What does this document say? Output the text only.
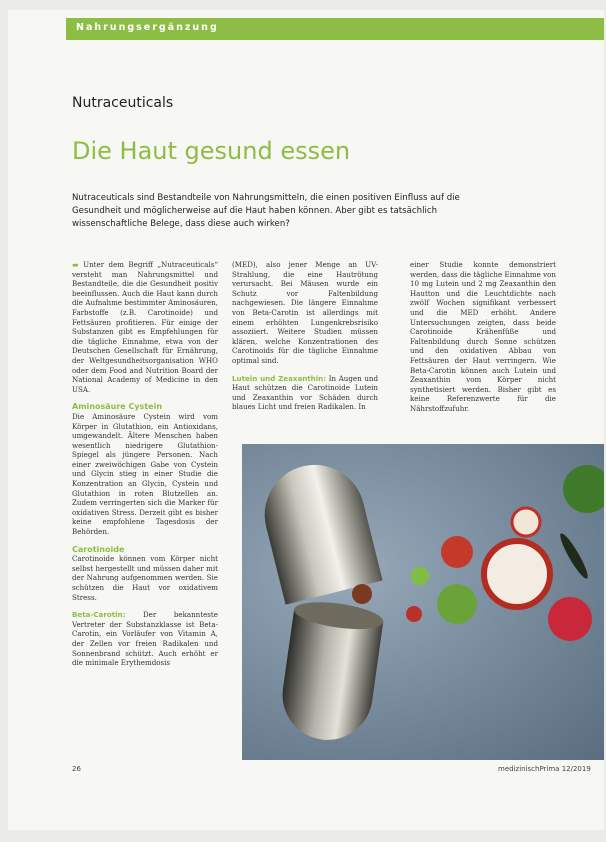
Nahrungsergänzung
Nutraceuticals
Die Haut gesund essen
Nutraceuticals sind Bestandteile von Nahrungsmitteln, die einen positiven Einfluss auf die Gesundheit und möglicherweise auf die Haut haben können. Aber gibt es tatsächlich wissenschaftliche Belege, dass diese auch wirken?

▬ Unter dem Begriff „Nutraceuticals“ versteht man Nahrungsmittel und Bestandteile, die die Gesundheit positiv beeinflussen. Auch die Haut kann durch die Aufnahme bestimmter Aminosäuren, Farbstoffe (z.B. Carotinoide) und Fettsäuren profitieren. Für einige der Substanzen gibt es Empfehlungen für die tägliche Einnahme, etwa von der Deutschen Gesellschaft für Ernährung, der Weltgesundheitsorganisation WHO oder dem Food and Nutrition Board der National Academy of Medicine in den USA.

Aminosäure Cystein

Die Aminosäure Cystein wird vom Körper in Glutathion, ein Antioxidans, umgewandelt. Ältere Menschen haben wesentlich niedrigere Glutathion-Spiegel als jüngere Personen. Nach einer zweiwöchigen Gabe von Cystein und Glycin stieg in einer Studie die Konzentration an Glycin, Cystein und Glutathion in roten Blutzellen an. Zudem verringerten sich die Marker für oxidativen Stress. Derzeit gibt es bisher keine empfohlene Tagesdosis der Behörden.

Carotinoide

Carotinoide können vom Körper nicht selbst hergestellt und müssen daher mit der Nahrung aufgenommen werden. Sie schützen die Haut vor oxidativem Stress.

Beta-Carotin: Der bekannteste Vertreter der Substanzklasse ist Beta-Carotin, ein Vorläufer von Vitamin A, der Zellen vor freien Radikalen und Sonnenbrand schützt. Auch erhöht er die minimale Erythemdosis

(MED), also jener Menge an UV-Strahlung, die eine Hautrötung verursacht. Bei Mäusen wurde ein Schutz vor Faltenbildung nachgewiesen. Die längere Einnahme von Beta-Carotin ist allerdings mit einem erhöhten Lungenkrebsrisiko assoziiert. Weitere Studien müssen klären, welche Konzentrationen des Carotinoids für die tägliche Einnahme optimal sind.

Lutein und Zeaxanthin: In Augen und Haut schützen die Carotinoide Lutein und Zeaxanthin vor Schäden durch blaues Licht und freien Radikalen. In

einer Studie konnte demonstriert werden, dass die tägliche Einnahme von 10 mg Lutein und 2 mg Zeaxanthin den Hautton und die Leuchtdichte nach zwölf Wochen signifikant verbessert und die MED erhöht. Andere Untersuchungen zeigten, dass beide Carotinoide Krähenfüße und Faltenbildung durch Sonne schützen und den oxidativen Abbau von Fettsäuren der Haut verringern. Wie Beta-Carotin können auch Lutein und Zeaxanthin vom Körper nicht synthetisiert werden. Bisher gibt es keine Referenzwerte für die Nährstoffzufuhr.

26	medizinischPrima 12/2019
